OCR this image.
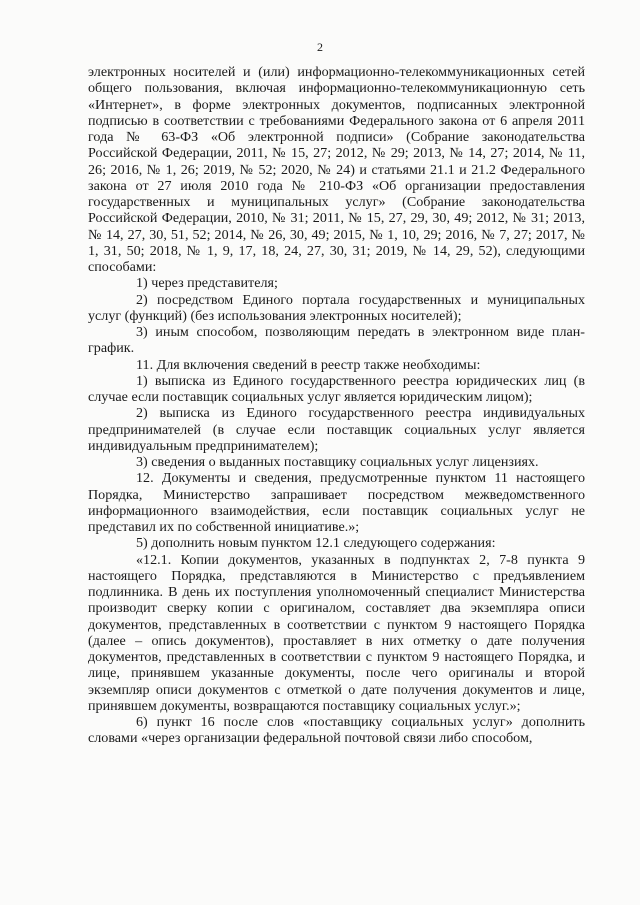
2

электронных носителей и (или) информационно-телекоммуникационных сетей общего пользования, включая информационно-телекоммуникационную сеть «Интернет», в форме электронных документов, подписанных электронной подписью в соответствии с требованиями Федерального закона от 6 апреля 2011 года № 63-ФЗ «Об электронной подписи» (Собрание законодательства Российской Федерации, 2011, № 15, 27; 2012, № 29; 2013, № 14, 27; 2014, № 11, 26; 2016, № 1, 26; 2019, № 52; 2020, № 24) и статьями 21.1 и 21.2 Федерального закона от 27 июля 2010 года № 210-ФЗ «Об организации предоставления государственных и муниципальных услуг» (Собрание законодательства Российской Федерации, 2010, № 31; 2011, № 15, 27, 29, 30, 49; 2012, № 31; 2013, № 14, 27, 30, 51, 52; 2014, № 26, 30, 49; 2015, № 1, 10, 29; 2016, № 7, 27; 2017, № 1, 31, 50; 2018, № 1, 9, 17, 18, 24, 27, 30, 31; 2019, № 14, 29, 52), следующими способами:

1) через представителя;

2) посредством Единого портала государственных и муниципальных услуг (функций) (без использования электронных носителей);

3) иным способом, позволяющим передать в электронном виде план-график.

11. Для включения сведений в реестр также необходимы:

1) выписка из Единого государственного реестра юридических лиц (в случае если поставщик социальных услуг является юридическим лицом);

2) выписка из Единого государственного реестра индивидуальных предпринимателей (в случае если поставщик социальных услуг является индивидуальным предпринимателем);

3) сведения о выданных поставщику социальных услуг лицензиях.

12. Документы и сведения, предусмотренные пунктом 11 настоящего Порядка, Министерство запрашивает посредством межведомственного информационного взаимодействия, если поставщик социальных услуг не представил их по собственной инициативе.»;

5) дополнить новым пунктом 12.1 следующего содержания:

«12.1. Копии документов, указанных в подпунктах 2, 7-8 пункта 9 настоящего Порядка, представляются в Министерство с предъявлением подлинника. В день их поступления уполномоченный специалист Министерства производит сверку копии с оригиналом, составляет два экземпляра описи документов, представленных в соответствии с пунктом 9 настоящего Порядка (далее – опись документов), проставляет в них отметку о дате получения документов, представленных в соответствии с пунктом 9 настоящего Порядка, и лице, принявшем указанные документы, после чего оригиналы и второй экземпляр описи документов с отметкой о дате получения документов и лице, принявшем документы, возвращаются поставщику социальных услуг.»;

6) пункт 16 после слов «поставщику социальных услуг» дополнить словами «через организации федеральной почтовой связи либо способом,
